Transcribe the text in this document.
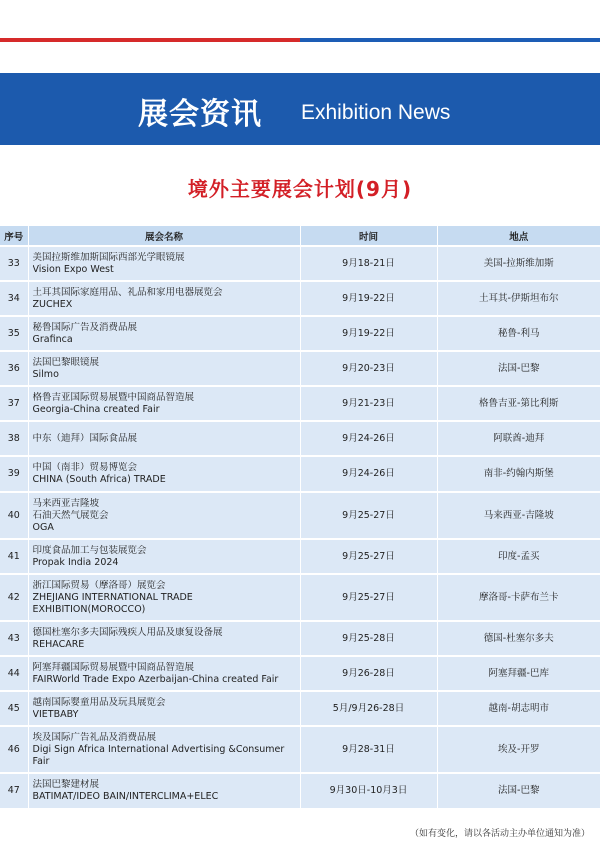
展会资讯 Exhibition News
境外主要展会计划(9月)
序号	展会名称	时间	地点
33	美国拉斯维加斯国际西部光学眼镜展
Vision Expo West	9月18-21日	美国-拉斯维加斯
34	土耳其国际家庭用品、礼品和家用电器展览会
ZUCHEX	9月19-22日	土耳其-伊斯坦布尔
35	秘鲁国际广告及消费品展
Grafinca	9月19-22日	秘鲁-利马
36	法国巴黎眼镜展
Silmo	9月20-23日	法国-巴黎
37	格鲁吉亚国际贸易展暨中国商品智造展
Georgia-China created Fair	9月21-23日	格鲁吉亚-第比利斯
38	中东（迪拜）国际食品展	9月24-26日	阿联酋-迪拜
39	中国（南非）贸易博览会
CHINA (South Africa) TRADE	9月24-26日	南非-约翰内斯堡
40	马来西亚吉隆坡
石油天然气展览会
OGA	9月25-27日	马来西亚-吉隆坡
41	印度食品加工与包装展览会
Propak India 2024	9月25-27日	印度-孟买
42	浙江国际贸易（摩洛哥）展览会
ZHEJIANG INTERNATIONAL TRADE
EXHIBITION(MOROCCO)	9月25-27日	摩洛哥-卡萨布兰卡
43	德国杜塞尔多夫国际残疾人用品及康复设备展
REHACARE	9月25-28日	德国-杜塞尔多夫
44	阿塞拜疆国际贸易展暨中国商品智造展
FAIRWorld Trade Expo Azerbaijan-China created Fair	9月26-28日	阿塞拜疆-巴库
45	越南国际婴童用品及玩具展览会
VIETBABY	5月/9月26-28日	越南-胡志明市
46	埃及国际广告礼品及消费品展
Digi Sign Africa International Advertising &Consumer
Fair	9月28-31日	埃及-开罗
47	法国巴黎建材展
BATIMAT/IDEO BAIN/INTERCLIMA+ELEC	9月30日-10月3日	法国-巴黎
（如有变化，请以各活动主办单位通知为准）
